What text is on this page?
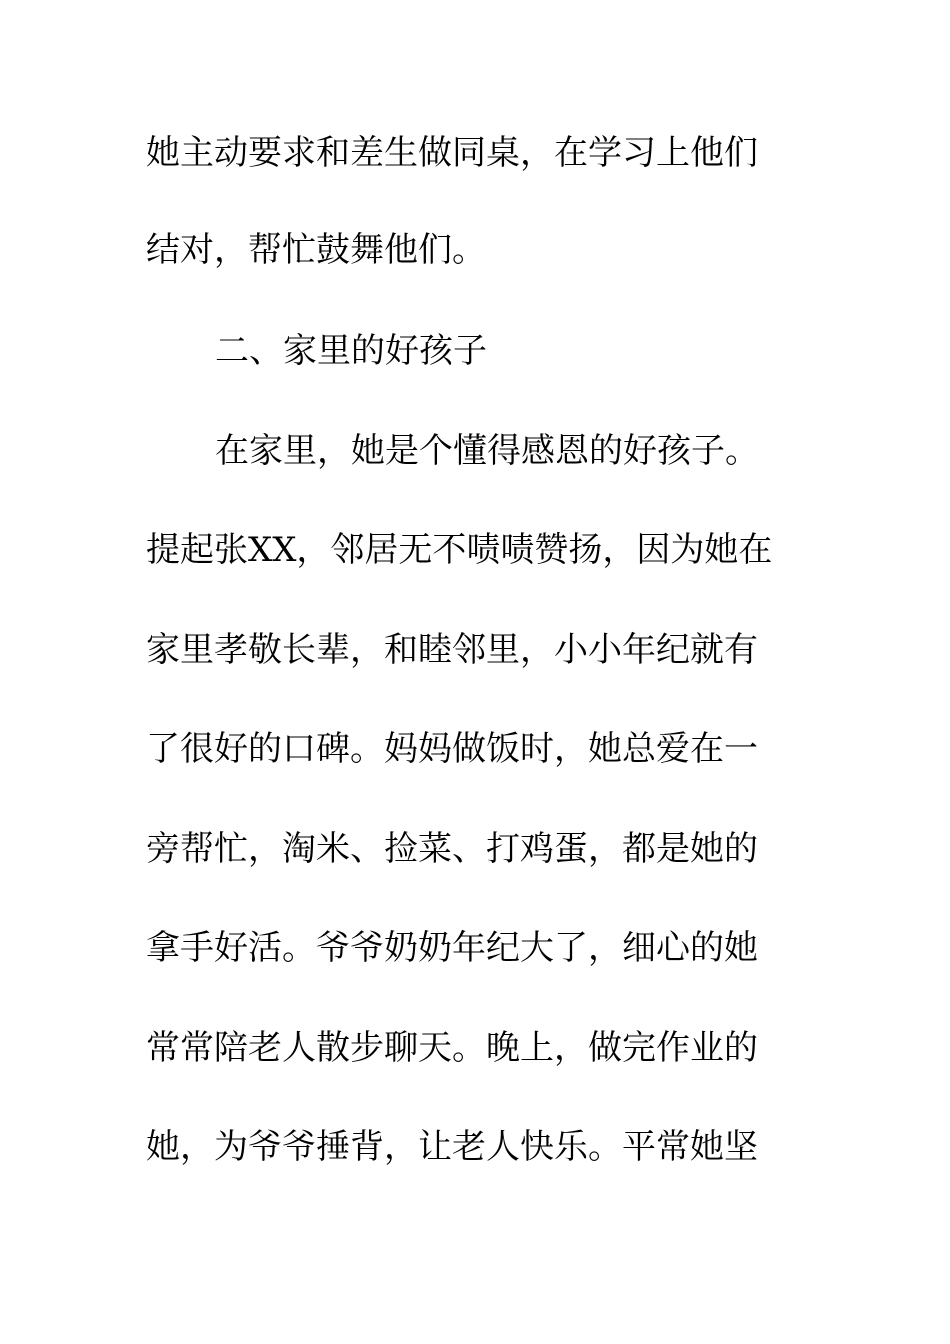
她主动要求和差生做同桌，在学习上他们
结对，帮忙鼓舞他们。
二、家里的好孩子
在家里，她是个懂得感恩的好孩子。
提起张XX，邻居无不啧啧赞扬，因为她在
家里孝敬长辈，和睦邻里，小小年纪就有
了很好的口碑。妈妈做饭时，她总爱在一
旁帮忙，淘米、捡菜、打鸡蛋，都是她的
拿手好活。爷爷奶奶年纪大了，细心的她
常常陪老人散步聊天。晚上，做完作业的
她，为爷爷捶背，让老人快乐。平常她坚
